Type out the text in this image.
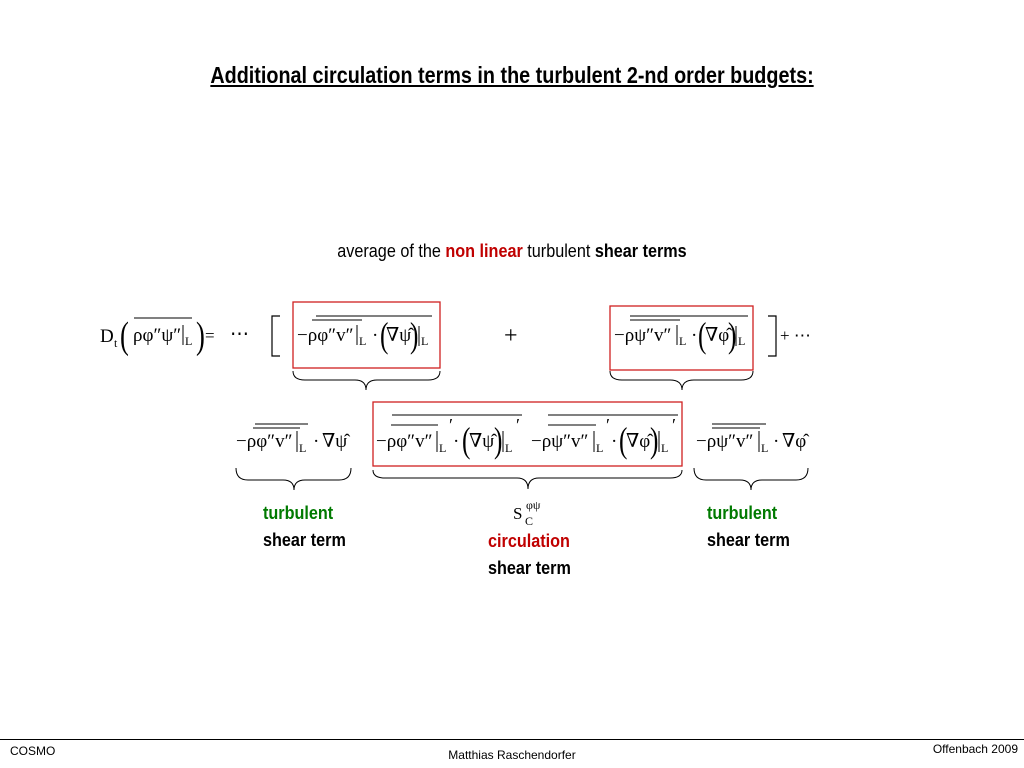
Additional circulation terms in the turbulent 2-nd order budgets:
average of the non linear turbulent shear terms
D t ( ρφ″ψ″ L ) = ⋯	−ρφ″v″ L · (
∇ψ̂
) L	+	−ρψ″v″ L · (
∇φ̂
) L + ⋯
−ρφ″v″ L · ∇ψ̂ −ρφ″v″ L
′
· (
∇ψ̂ ) L
′
−ρψ″v″ L
′
· (
∇φ̂ ) L
′
−ρψ″v″ L · ∇φ̂
S C
φψ
turbulent
shear term	circulation
shear term
turbulent
shear term
COSMO	Matthias Raschendorfer	Offenbach 2009
